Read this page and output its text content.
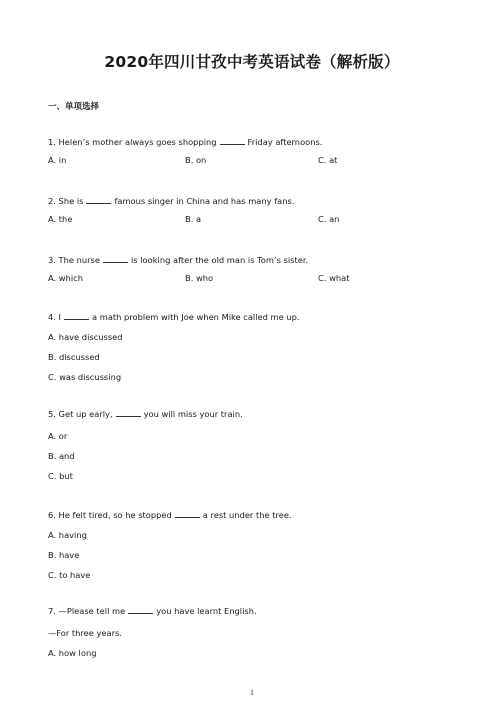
2020年四川甘孜中考英语试卷（解析版）
一、单项选择
1. Helen’s mother always goes shopping	Friday afternoons.
A. in	B. on	C. at
2. She is	famous singer in China and has many fans.
A. the	B. a	C. an
3. The nurse	is looking after the old man is Tom’s sister.
A. which	B. who	C. what
4. I	a math problem with Joe when Mike called me up.
A. have discussed
B. discussed
C. was discussing
5. Get up early,	you will miss your train.
A. or
B. and
C. but
6. He felt tired, so he stopped	a rest under the tree.
A. having
B. have
C. to have
7. —Please tell me	you have learnt English.
—For three years.
A. how long
1
